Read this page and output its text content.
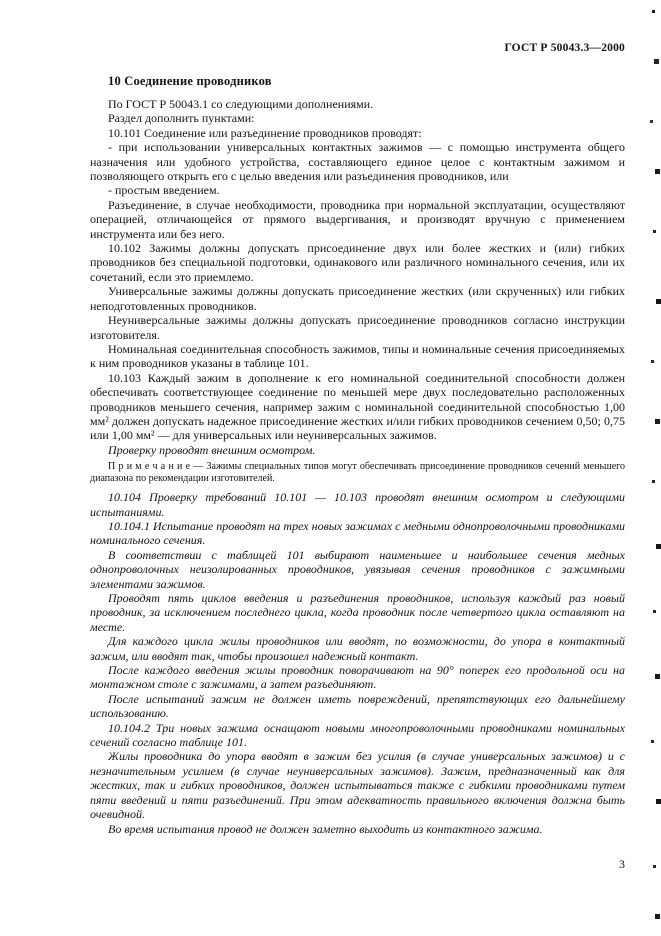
ГОСТ Р 50043.3—2000
10 Соединение проводников

По ГОСТ Р 50043.1 со следующими дополнениями.

Раздел дополнить пунктами:

10.101 Соединение или разъединение проводников проводят:

- при использовании универсальных контактных зажимов — с помощью инструмента общего назначения или удобного устройства, составляющего единое целое с контактным зажимом и позволяющего открыть его с целью введения или разъединения проводников, или

- простым введением.

Разъединение, в случае необходимости, проводника при нормальной эксплуатации, осуществляют операцией, отличающейся от прямого выдергивания, и производят вручную с применением инструмента или без него.

10.102 Зажимы должны допускать присоединение двух или более жестких и (или) гибких проводников без специальной подготовки, одинакового или различного номинального сечения, или их сочетаний, если это приемлемо.

Универсальные зажимы должны допускать присоединение жестких (или скрученных) или гибких неподготовленных проводников.

Неуниверсальные зажимы должны допускать присоединение проводников согласно инструкции изготовителя.

Номинальная соединительная способность зажимов, типы и номинальные сечения присоединяемых к ним проводников указаны в таблице 101.

10.103 Каждый зажим в дополнение к его номинальной соединительной способности должен обеспечивать соответствующее соединение по меньшей мере двух последовательно расположенных проводников меньшего сечения, например зажим с номинальной соединительной способностью 1,00 мм² должен допускать надежное присоединение жестких и/или гибких проводников сечением 0,50; 0,75 или 1,00 мм² — для универсальных или неуниверсальных зажимов.

Проверку проводят внешним осмотром.

П р и м е ч а н и е — Зажимы специальных типов могут обеспечивать присоединение проводников сечений меньшего диапазона по рекомендации изготовителей.

10.104 Проверку требований 10.101 — 10.103 проводят внешним осмотром и следующими испытаниями.

10.104.1 Испытание проводят на трех новых зажимах с медными однопроволочными проводниками номинального сечения.

В соответствии с таблицей 101 выбирают наименьшее и наибольшее сечения медных однопроволочных неизолированных проводников, увязывая сечения проводников с зажимными элементами зажимов.

Проводят пять циклов введения и разъединения проводников, используя каждый раз новый проводник, за исключением последнего цикла, когда проводник после четвертого цикла оставляют на месте.

Для каждого цикла жилы проводников или вводят, по возможности, до упора в контактный зажим, или вводят так, чтобы произошел надежный контакт.

После каждого введения жилы проводник поворачивают на 90° поперек его продольной оси на монтажном столе с зажимами, а затем разъединяют.

После испытаний зажим не должен иметь повреждений, препятствующих его дальнейшему использованию.

10.104.2 Три новых зажима оснащают новыми многопроволочными проводниками номинальных сечений согласно таблице 101.

Жилы проводника до упора вводят в зажим без усилия (в случае универсальных зажимов) и с незначительным усилием (в случае неуниверсальных зажимов). Зажим, предназначенный как для жестких, так и гибких проводников, должен испытываться также с гибкими проводниками путем пяти введений и пяти разъединений. При этом адекватность правильного включения должна быть очевидной.

Во время испытания провод не должен заметно выходить из контактного зажима.

3
